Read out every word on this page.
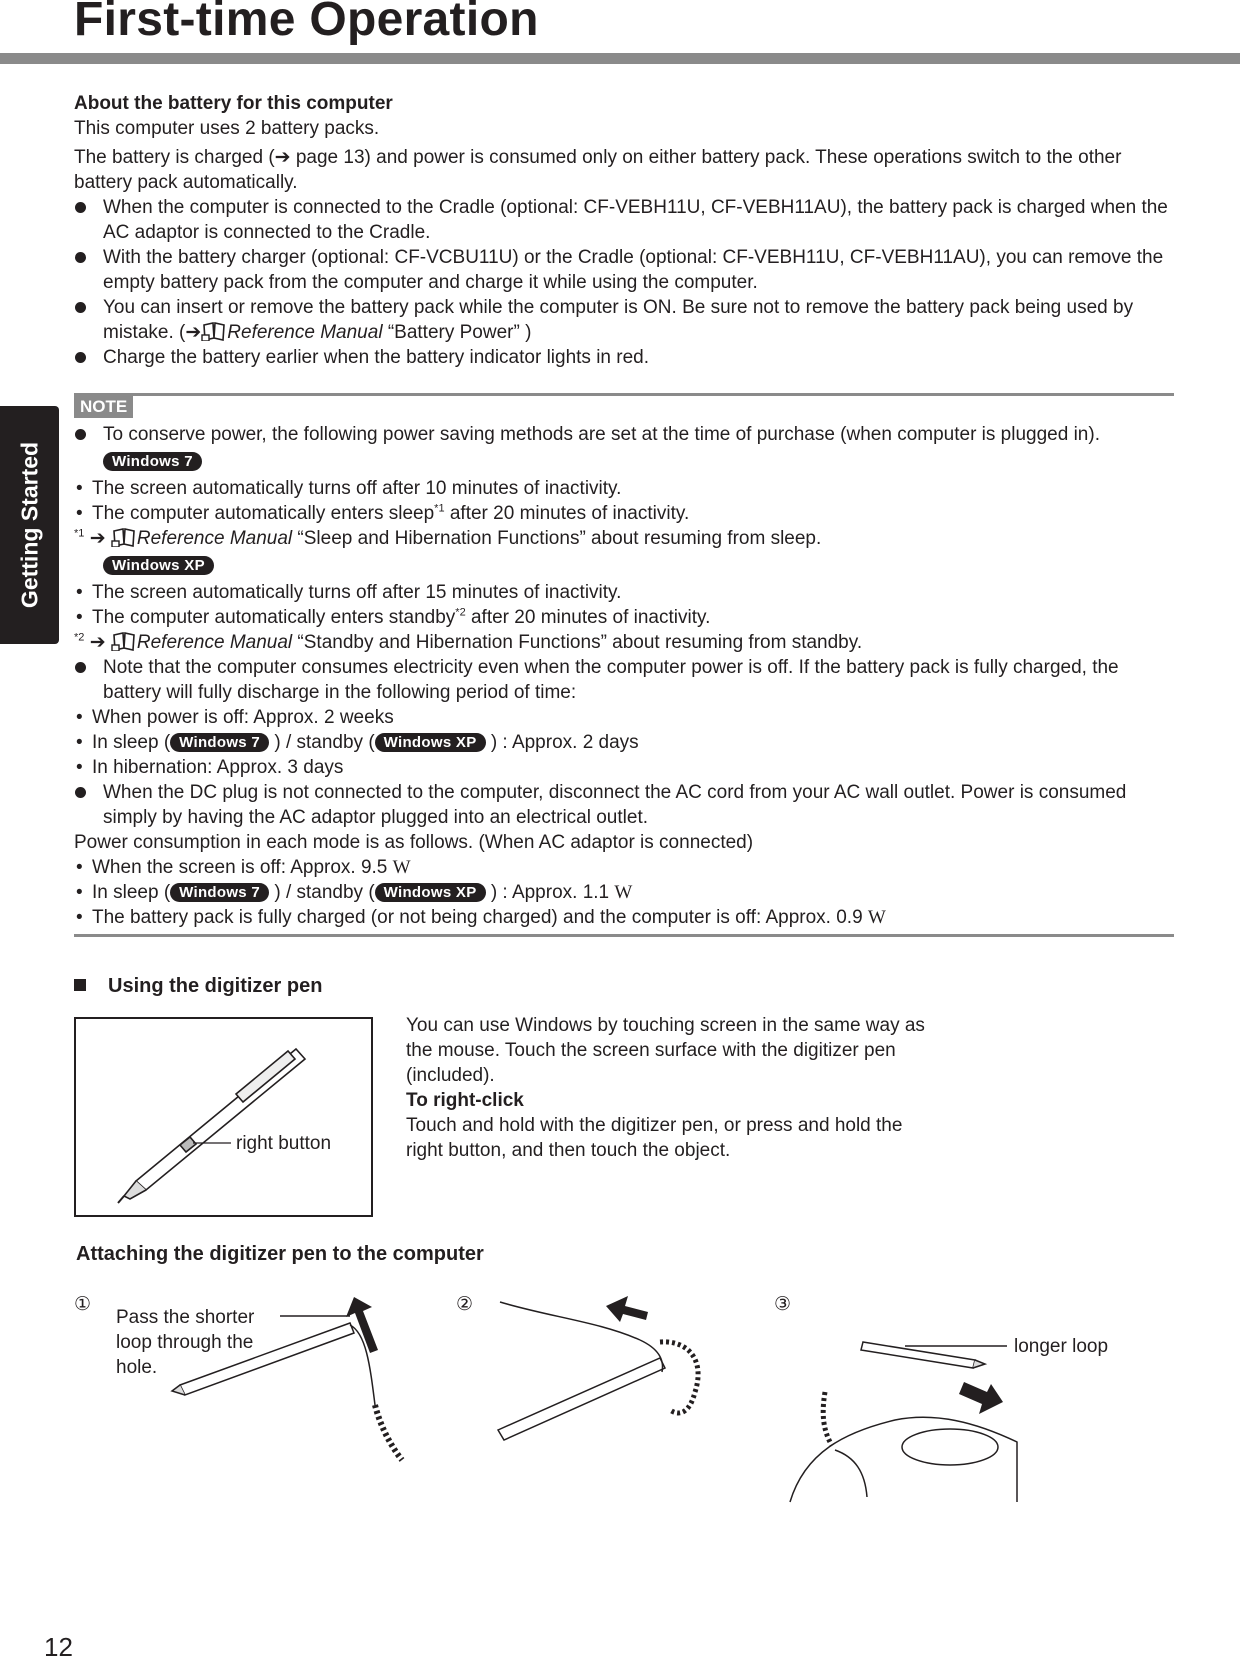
First-time Operation
Getting Started

About the battery for this computer

This computer uses 2 battery packs.

The battery is charged (➔ page 13) and power is consumed only on either battery pack. These operations switch to the other battery pack automatically.

When the computer is connected to the Cradle (optional: CF-VEBH11U, CF-VEBH11AU), the battery pack is charged when the AC adaptor is connected to the Cradle.

With the battery charger (optional: CF-VCBU11U) or the Cradle (optional: CF-VEBH11U, CF-VEBH11AU), you can remove the empty battery pack from the computer and charge it while using the computer.

You can insert or remove the battery pack while the computer is ON. Be sure not to remove the battery pack being used by mistake. (➔ Reference Manual “Battery Power” )

Charge the battery earlier when the battery indicator lights in red.

NOTE

To conserve power, the following power saving methods are set at the time of purchase (when computer is plugged in).

Windows 7

• The screen automatically turns off after 10 minutes of inactivity.

• The computer automatically enters sleep$^{*1}$ after 20 minutes of inactivity.

$^{*1}$ ➔ Reference Manual “Sleep and Hibernation Functions” about resuming from sleep.

Windows XP

• The screen automatically turns off after 15 minutes of inactivity.

• The computer automatically enters standby$^{*2}$ after 20 minutes of inactivity.

$^{*2}$ ➔ Reference Manual “Standby and Hibernation Functions” about resuming from standby.

Note that the computer consumes electricity even when the computer power is off. If the battery pack is fully charged, the battery will fully discharge in the following period of time:

• When power is off: Approx. 2 weeks

• In sleep ( Windows 7 ) / standby ( Windows XP ) : Approx. 2 days

• In hibernation: Approx. 3 days

When the DC plug is not connected to the computer, disconnect the AC cord from your AC wall outlet. Power is consumed simply by having the AC adaptor plugged into an electrical outlet.

Power consumption in each mode is as follows. (When AC adaptor is connected)

• When the screen is off: Approx. 9.5 W

• In sleep ( Windows 7 ) / standby ( Windows XP ) : Approx. 1.1 W

• The battery pack is fully charged (or not being charged) and the computer is off: Approx. 0.9 W

Using the digitizer pen
right button

You can use Windows by touching screen in the same way as the mouse. Touch the screen surface with the digitizer pen (included).

To right-click

Touch and hold with the digitizer pen, or press and hold the right button, and then touch the object.

Attaching the digitizer pen to the computer
①
Pass the shorter loop through the hole.
②	③
longer loop
12
